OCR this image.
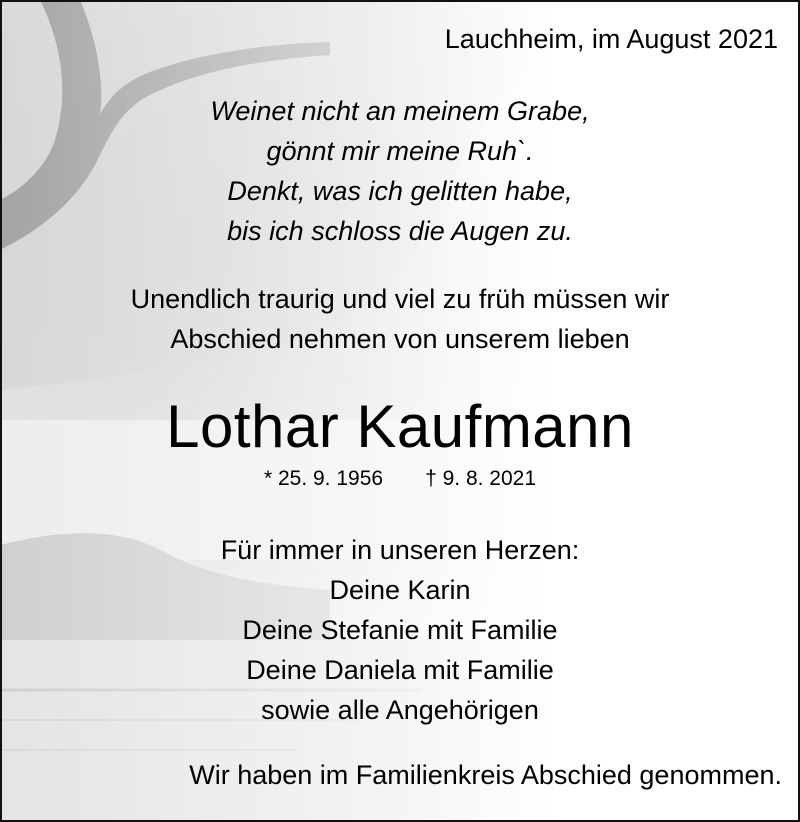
Lauchheim, im August 2021

Weinet nicht an meinem Grabe,

gönnt mir meine Ruh`.

Denkt, was ich gelitten habe,

bis ich schloss die Augen zu.

Unendlich traurig und viel zu früh müssen wir

Abschied nehmen von unserem lieben

Lothar Kaufmann

* 25. 9. 1956 † 9. 8. 2021

Für immer in unseren Herzen:

Deine Karin

Deine Stefanie mit Familie

Deine Daniela mit Familie

sowie alle Angehörigen

Wir haben im Familienkreis Abschied genommen.
